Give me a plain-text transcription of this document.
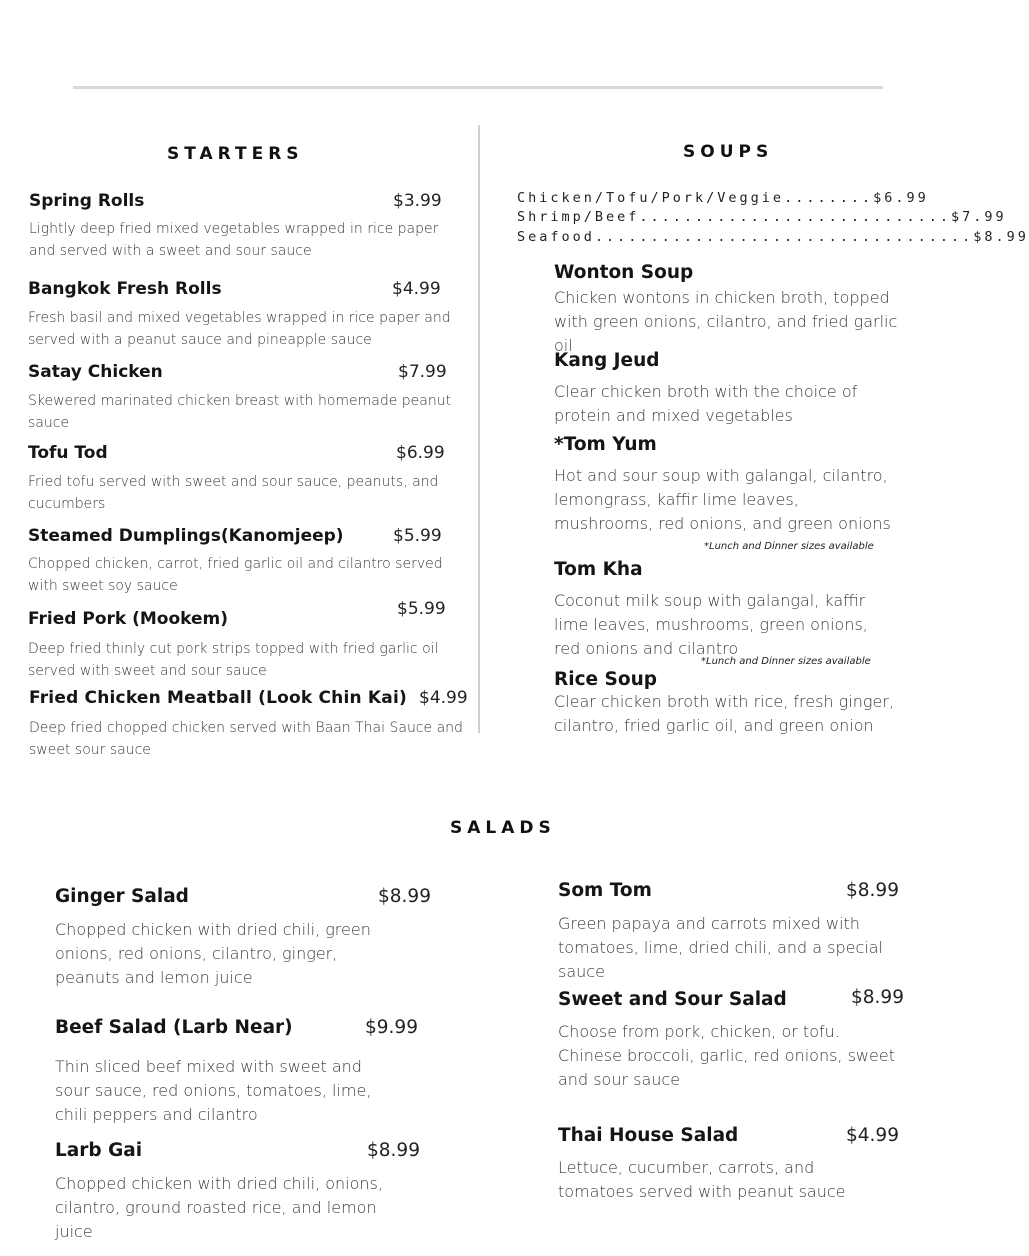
STARTERS
Spring Rolls	$3.99
Lightly deep fried mixed vegetables wrapped in rice paper and served with a sweet and sour sauce
Bangkok Fresh Rolls	$4.99
Fresh basil and mixed vegetables wrapped in rice paper and served with a peanut sauce and pineapple sauce
Satay Chicken	$7.99
Skewered marinated chicken breast with homemade peanut sauce
Tofu Tod	$6.99
Fried tofu served with sweet and sour sauce, peanuts, and cucumbers
Steamed Dumplings(Kanomjeep)	$5.99
Chopped chicken, carrot, fried garlic oil and cilantro served with sweet soy sauce
Fried Pork (Mookem)	$5.99
Deep fried thinly cut pork strips topped with fried garlic oil served with sweet and sour sauce
Fried Chicken Meatball (Look Chin Kai) $4.99
Deep fried chopped chicken served with Baan Thai Sauce and sweet sour sauce
SOUPS
Chicken/Tofu/Pork/Veggie........$6.99
Shrimp/Beef............................$7.99
Seafood..................................$8.99
Wonton Soup
Chicken wontons in chicken broth, topped with green onions, cilantro, and fried garlic oil
Kang Jeud
Clear chicken broth with the choice of protein and mixed vegetables
*Tom Yum
Hot and sour soup with galangal, cilantro, lemongrass, kaffir lime leaves, mushrooms, red onions, and green onions
*Lunch and Dinner sizes available
Tom Kha
Coconut milk soup with galangal, kaffir lime leaves, mushrooms, green onions, red onions and cilantro
*Lunch and Dinner sizes available
Rice Soup
Clear chicken broth with rice, fresh ginger, cilantro, fried garlic oil, and green onion
SALADS
Ginger Salad	$8.99
Chopped chicken with dried chili, green onions, red onions, cilantro, ginger, peanuts and lemon juice
Beef Salad (Larb Near)	$9.99
Thin sliced beef mixed with sweet and sour sauce, red onions, tomatoes, lime, chili peppers and cilantro
Larb Gai	$8.99
Chopped chicken with dried chili, onions, cilantro, ground roasted rice, and lemon juice
Som Tom	$8.99
Green papaya and carrots mixed with tomatoes, lime, dried chili, and a special sauce
Sweet and Sour Salad	$8.99
Choose from pork, chicken, or tofu. Chinese broccoli, garlic, red onions, sweet and sour sauce
Thai House Salad	$4.99
Lettuce, cucumber, carrots, and tomatoes served with peanut sauce
